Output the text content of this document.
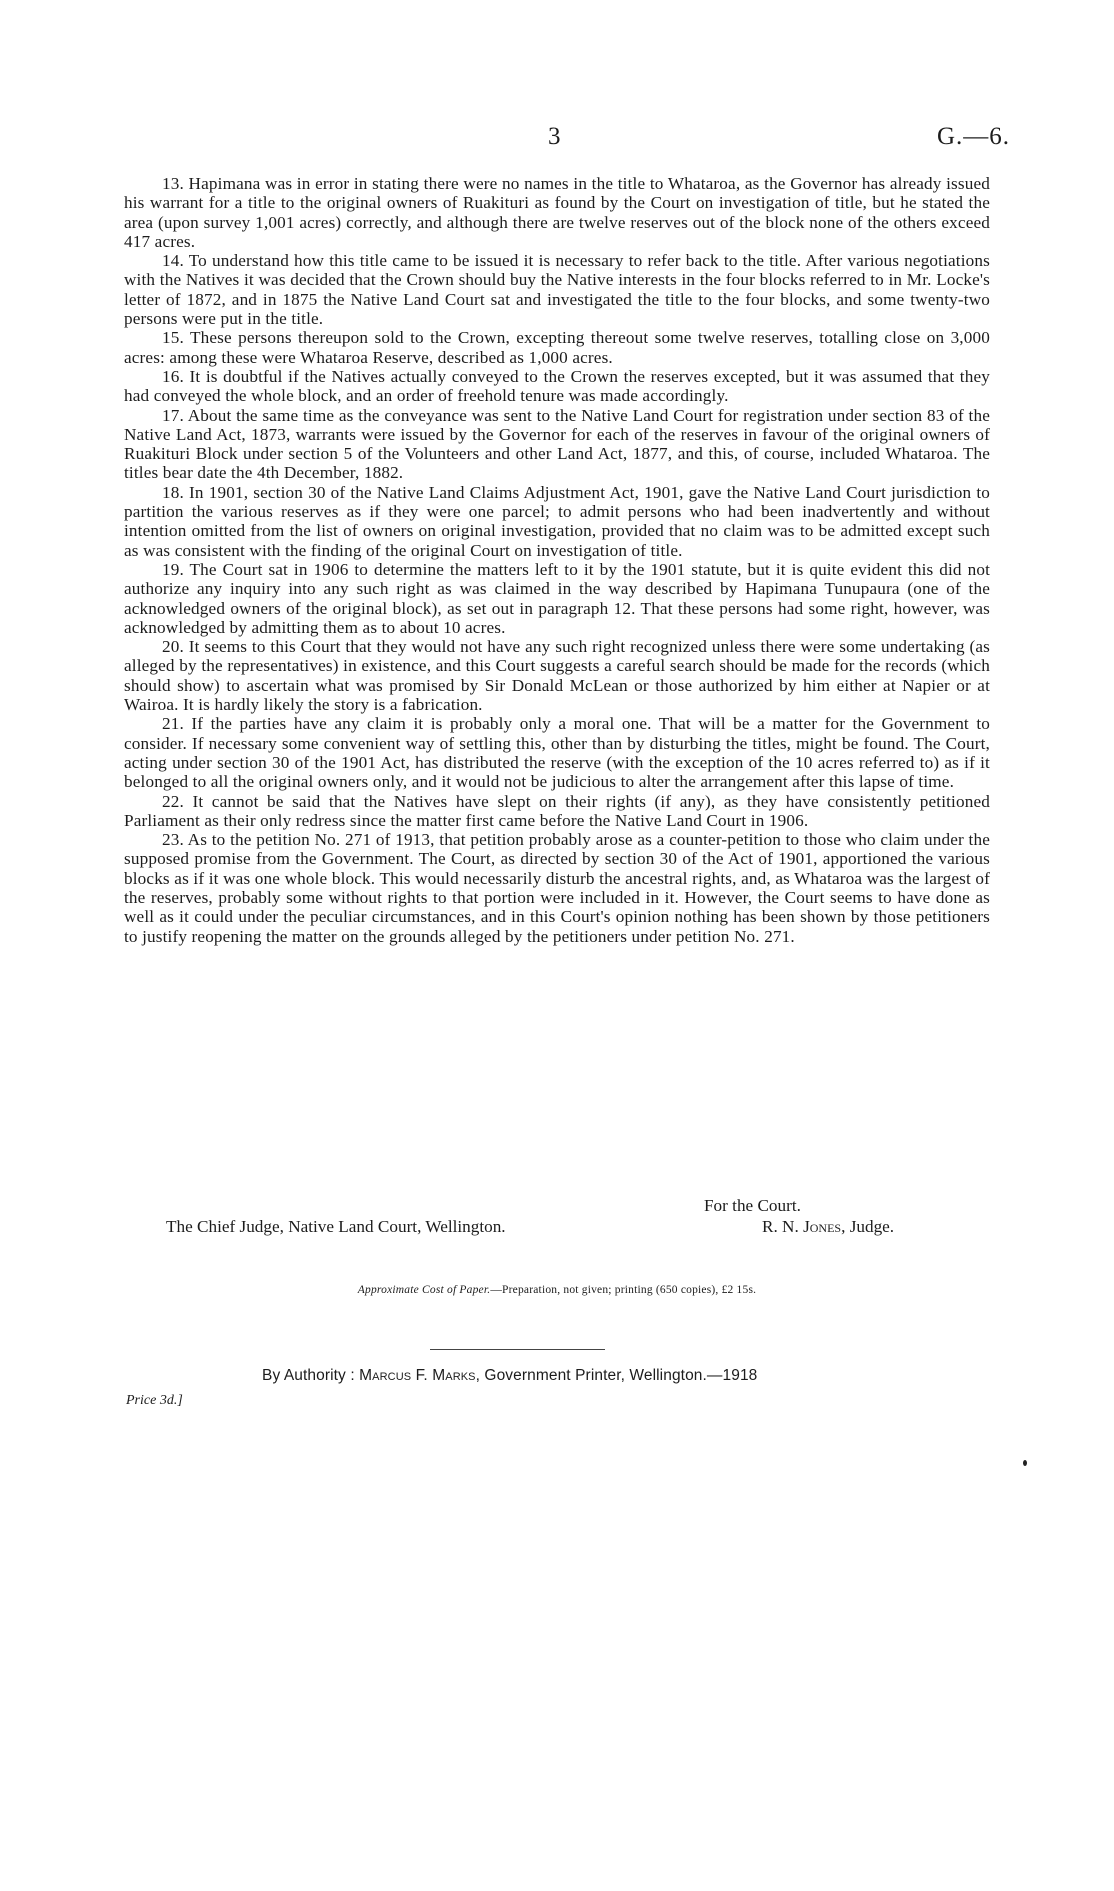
3	G.—6.

13. Hapimana was in error in stating there were no names in the title to Whataroa, as the Governor has already issued his warrant for a title to the original owners of Ruakituri as found by the Court on investigation of title, but he stated the area (upon survey 1,001 acres) correctly, and although there are twelve reserves out of the block none of the others exceed 417 acres.

14. To understand how this title came to be issued it is necessary to refer back to the title. After various negotiations with the Natives it was decided that the Crown should buy the Native interests in the four blocks referred to in Mr. Locke's letter of 1872, and in 1875 the Native Land Court sat and investigated the title to the four blocks, and some twenty-two persons were put in the title.

15. These persons thereupon sold to the Crown, excepting thereout some twelve reserves, totalling close on 3,000 acres: among these were Whataroa Reserve, described as 1,000 acres.

16. It is doubtful if the Natives actually conveyed to the Crown the reserves excepted, but it was assumed that they had conveyed the whole block, and an order of freehold tenure was made accordingly.

17. About the same time as the conveyance was sent to the Native Land Court for registration under section 83 of the Native Land Act, 1873, warrants were issued by the Governor for each of the reserves in favour of the original owners of Ruakituri Block under section 5 of the Volunteers and other Land Act, 1877, and this, of course, included Whataroa. The titles bear date the 4th December, 1882.

18. In 1901, section 30 of the Native Land Claims Adjustment Act, 1901, gave the Native Land Court jurisdiction to partition the various reserves as if they were one parcel; to admit persons who had been inadvertently and without intention omitted from the list of owners on original investigation, provided that no claim was to be admitted except such as was consistent with the finding of the original Court on investigation of title.

19. The Court sat in 1906 to determine the matters left to it by the 1901 statute, but it is quite evident this did not authorize any inquiry into any such right as was claimed in the way described by Hapimana Tunupaura (one of the acknowledged owners of the original block), as set out in paragraph 12. That these persons had some right, however, was acknowledged by admitting them as to about 10 acres.

20. It seems to this Court that they would not have any such right recognized unless there were some undertaking (as alleged by the representatives) in existence, and this Court suggests a careful search should be made for the records (which should show) to ascertain what was promised by Sir Donald McLean or those authorized by him either at Napier or at Wairoa. It is hardly likely the story is a fabrication.

21. If the parties have any claim it is probably only a moral one. That will be a matter for the Government to consider. If necessary some convenient way of settling this, other than by disturbing the titles, might be found. The Court, acting under section 30 of the 1901 Act, has distributed the reserve (with the exception of the 10 acres referred to) as if it belonged to all the original owners only, and it would not be judicious to alter the arrangement after this lapse of time.

22. It cannot be said that the Natives have slept on their rights (if any), as they have consistently petitioned Parliament as their only redress since the matter first came before the Native Land Court in 1906.

23. As to the petition No. 271 of 1913, that petition probably arose as a counter-petition to those who claim under the supposed promise from the Government. The Court, as directed by section 30 of the Act of 1901, apportioned the various blocks as if it was one whole block. This would necessarily disturb the ancestral rights, and, as Whataroa was the largest of the reserves, probably some without rights to that portion were included in it. However, the Court seems to have done as well as it could under the peculiar circumstances, and in this Court's opinion nothing has been shown by those petitioners to justify reopening the matter on the grounds alleged by the petitioners under petition No. 271.

For the Court.
The Chief Judge, Native Land Court, Wellington.	R. N. Jones, Judge.
Approximate Cost of Paper.—Preparation, not given; printing (650 copies), £2 15s.
By Authority : Marcus F. Marks, Government Printer, Wellington.—1918
Price 3d.]
